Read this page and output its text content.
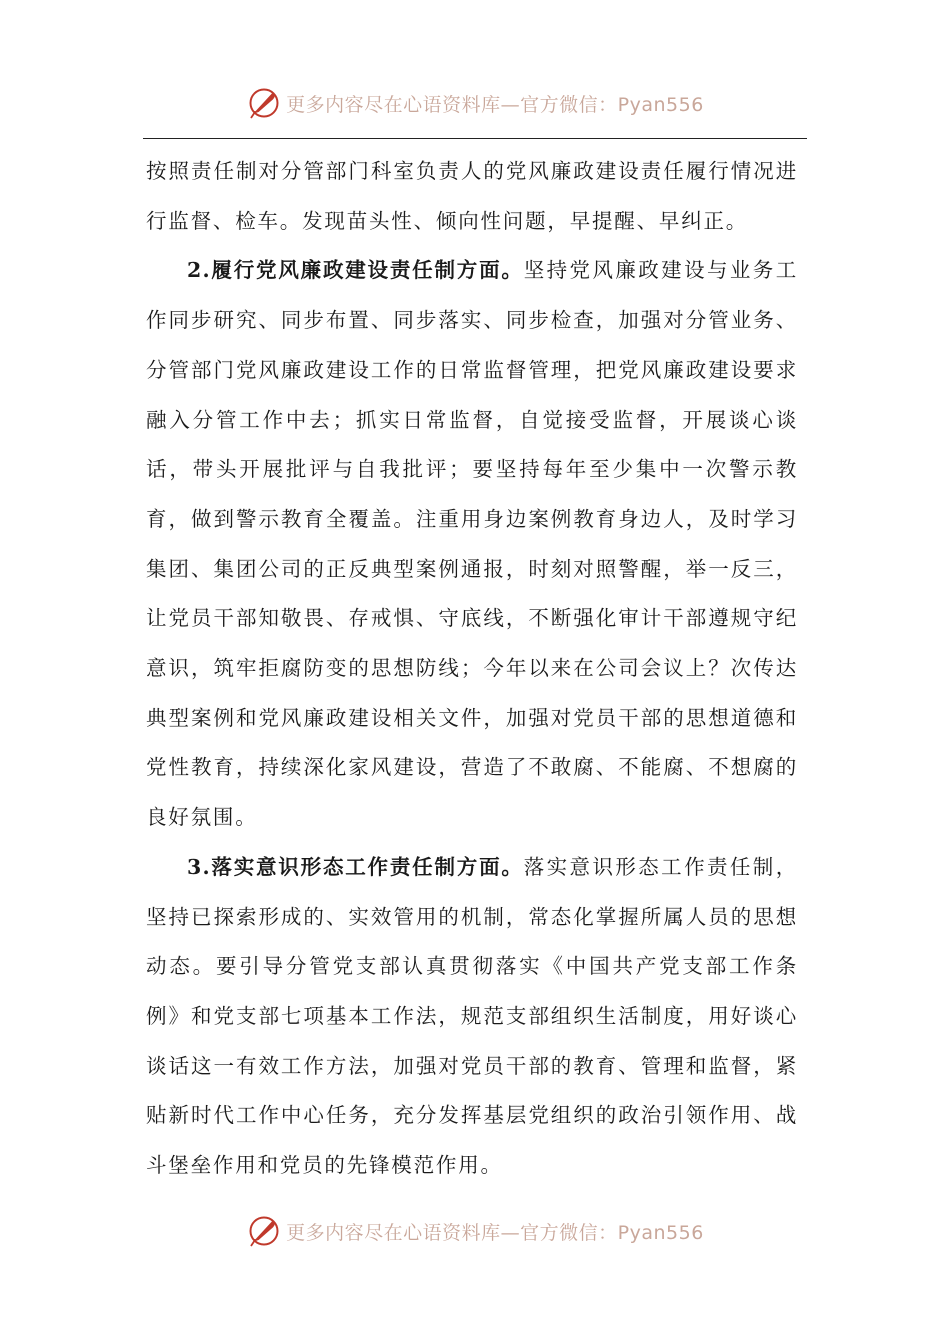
更多内容尽在心语资料库—官方微信：Pyan556

按照责任制对分管部门科室负责人的党风廉政建设责任履行情况进行监督、检车。发现苗头性、倾向性问题，早提醒、早纠正。

2.履行党风廉政建设责任制方面。坚持党风廉政建设与业务工作同步研究、同步布置、同步落实、同步检查，加强对分管业务、分管部门党风廉政建设工作的日常监督管理，把党风廉政建设要求融入分管工作中去；抓实日常监督，自觉接受监督，开展谈心谈话，带头开展批评与自我批评；要坚持每年至少集中一次警示教育，做到警示教育全覆盖。注重用身边案例教育身边人，及时学习集团、集团公司的正反典型案例通报，时刻对照警醒，举一反三，让党员干部知敬畏、存戒惧、守底线，不断强化审计干部遵规守纪意识，筑牢拒腐防变的思想防线；今年以来在公司会议上？次传达典型案例和党风廉政建设相关文件，加强对党员干部的思想道德和党性教育，持续深化家风建设，营造了不敢腐、不能腐、不想腐的良好氛围。

3.落实意识形态工作责任制方面。落实意识形态工作责任制，坚持已探索形成的、实效管用的机制，常态化掌握所属人员的思想动态。要引导分管党支部认真贯彻落实《中国共产党支部工作条例》和党支部七项基本工作法，规范支部组织生活制度，用好谈心谈话这一有效工作方法，加强对党员干部的教育、管理和监督，紧贴新时代工作中心任务，充分发挥基层党组织的政治引领作用、战斗堡垒作用和党员的先锋模范作用。

更多内容尽在心语资料库—官方微信：Pyan556
